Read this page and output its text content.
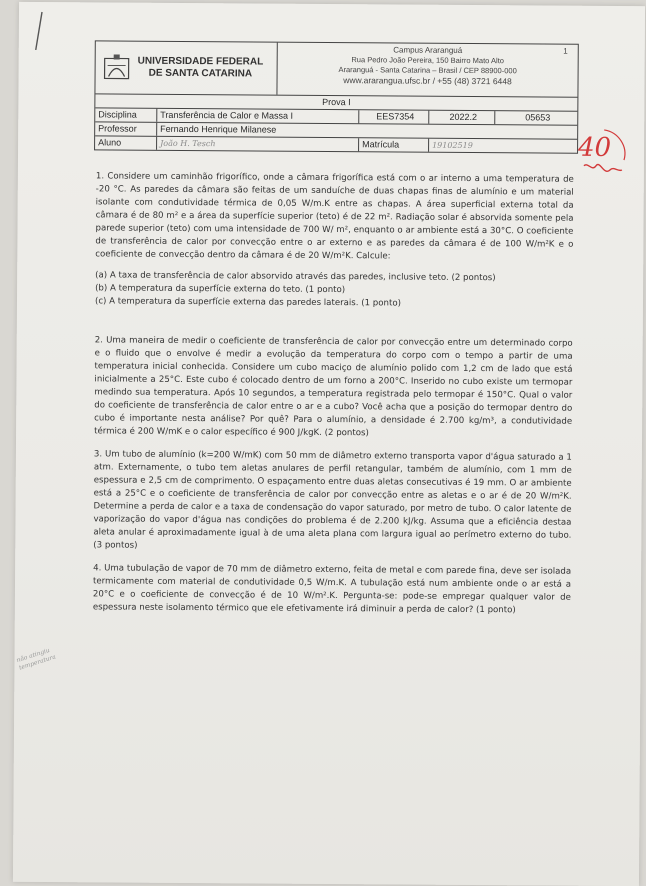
UNIVERSIDADE FEDERAL
DE SANTA CATARINA
1
Campus Araranguá
Rua Pedro João Pereira, 150 Bairro Mato Alto
Araranguá - Santa Catarina – Brasil / CEP 88900-000
www.ararangua.ufsc.br / +55 (48) 3721 6448
Prova I
Disciplina	Transferência de Calor e Massa I	EES7354	2022.2	05653
Professor	Fernando Henrique Milanese
Aluno	João H. Tesch	Matrícula	19102519	40

1. Considere um caminhão frigorífico, onde a câmara frigorífica está com o ar interno a uma temperatura de -20 °C. As paredes da câmara são feitas de um sanduíche de duas chapas finas de alumínio e um material isolante com condutividade térmica de 0,05 W/m.K entre as chapas. A área superficial externa total da câmara é de 80 m² e a área da superfície superior (teto) é de 22 m². Radiação solar é absorvida somente pela parede superior (teto) com uma intensidade de 700 W/ m², enquanto o ar ambiente está a 30°C. O coeficiente de transferência de calor por convecção entre o ar externo e as paredes da câmara é de 100 W/m²K e o coeficiente de convecção dentro da câmara é de 20 W/m²K. Calcule:

(a) A taxa de transferência de calor absorvido através das paredes, inclusive teto. (2 pontos)

(b) A temperatura da superfície externa do teto. (1 ponto)

(c) A temperatura da superfície externa das paredes laterais. (1 ponto)

2. Uma maneira de medir o coeficiente de transferência de calor por convecção entre um determinado corpo e o fluido que o envolve é medir a evolução da temperatura do corpo com o tempo a partir de uma temperatura inicial conhecida. Considere um cubo maciço de alumínio polido com 1,2 cm de lado que está inicialmente a 25°C. Este cubo é colocado dentro de um forno a 200°C. Inserido no cubo existe um termopar medindo sua temperatura. Após 10 segundos, a temperatura registrada pelo termopar é 150°C. Qual o valor do coeficiente de transferência de calor entre o ar e a cubo? Você acha que a posição do termopar dentro do cubo é importante nesta análise? Por quê? Para o alumínio, a densidade é 2.700 kg/m³, a condutividade térmica é 200 W/mK e o calor específico é 900 J/kgK. (2 pontos)

3. Um tubo de alumínio (k=200 W/mK) com 50 mm de diâmetro externo transporta vapor d'água saturado a 1 atm. Externamente, o tubo tem aletas anulares de perfil retangular, também de alumínio, com 1 mm de espessura e 2,5 cm de comprimento. O espaçamento entre duas aletas consecutivas é 19 mm. O ar ambiente está a 25°C e o coeficiente de transferência de calor por convecção entre as aletas e o ar é de 20 W/m²K. Determine a perda de calor e a taxa de condensação do vapor saturado, por metro de tubo. O calor latente de vaporização do vapor d'água nas condições do problema é de 2.200 kJ/kg. Assuma que a eficiência destaa aleta anular é aproximadamente igual à de uma aleta plana com largura igual ao perímetro externo do tubo. (3 pontos)

4. Uma tubulação de vapor de 70 mm de diâmetro externo, feita de metal e com parede fina, deve ser isolada termicamente com material de condutividade 0,5 W/m.K. A tubulação está num ambiente onde o ar está a 20°C e o coeficiente de convecção é de 10 W/m².K. Pergunta-se: pode-se empregar qualquer valor de espessura neste isolamento térmico que ele efetivamente irá diminuir a perda de calor? (1 ponto)

não atingiu temperatura
